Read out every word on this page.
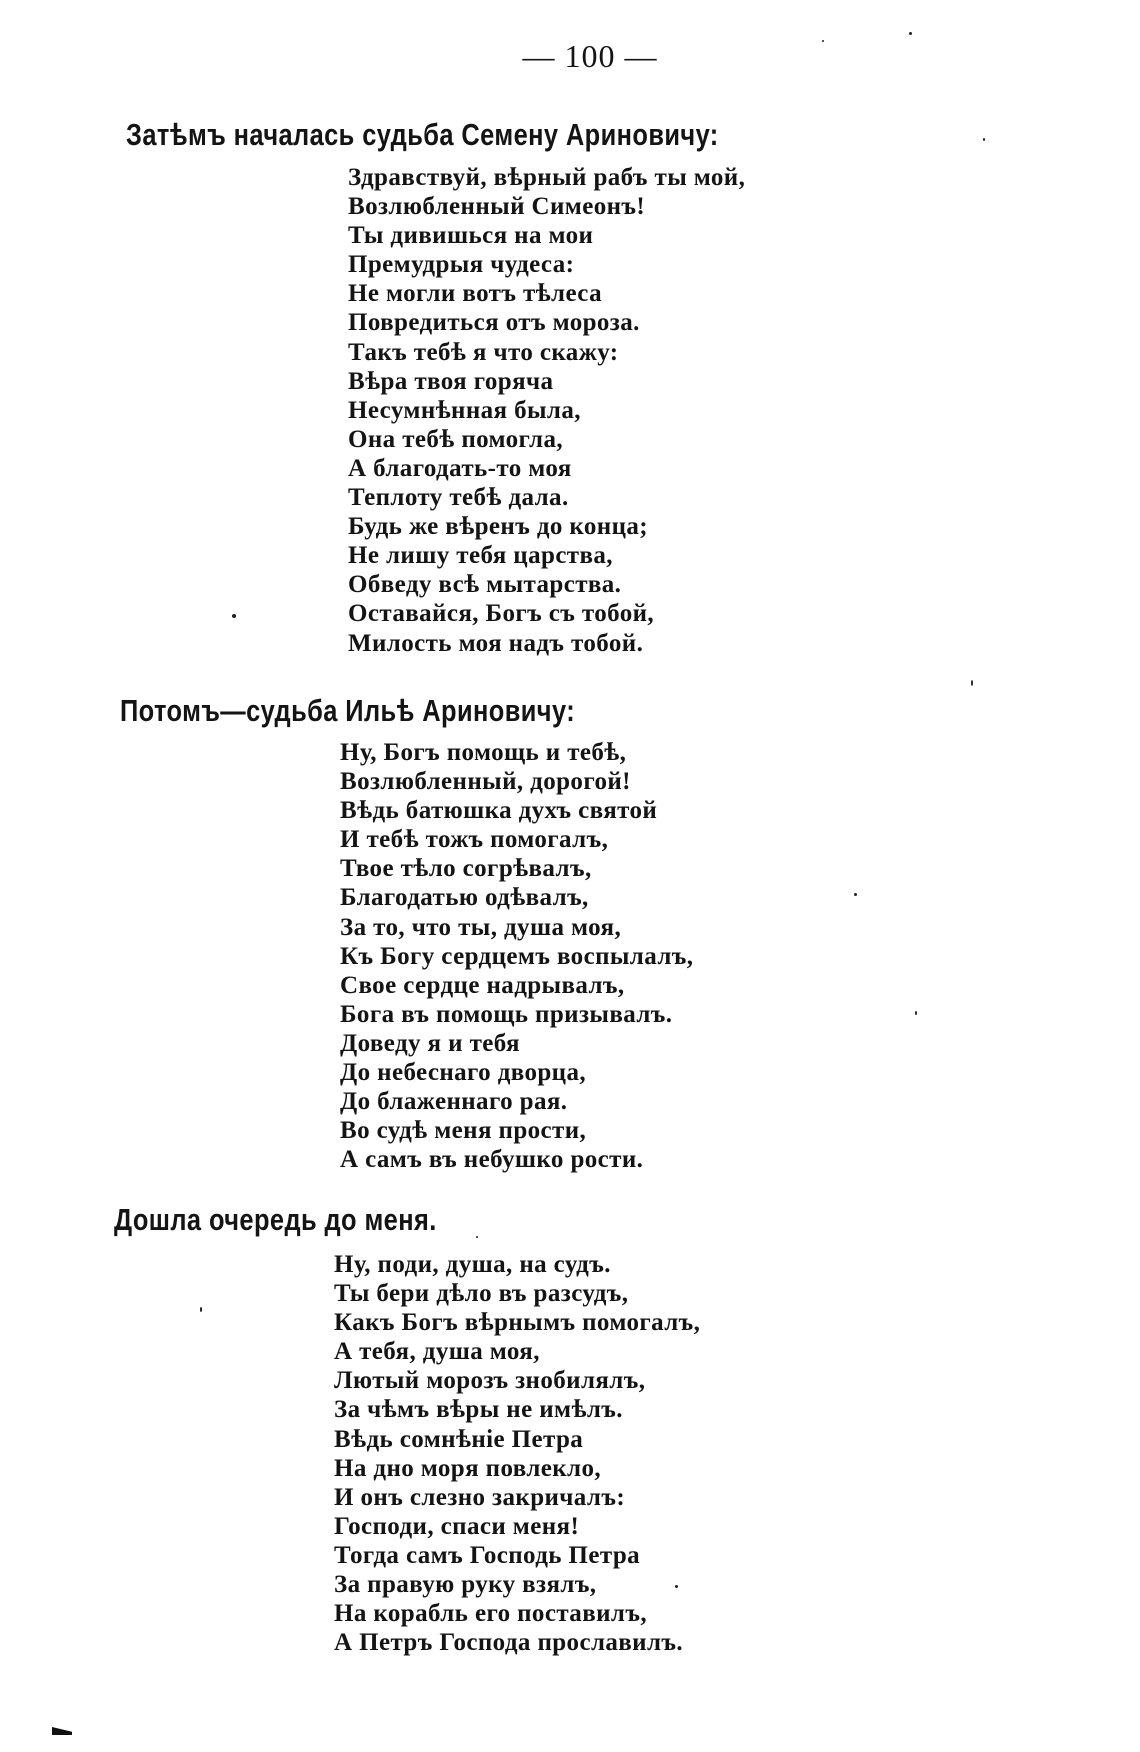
— 100 —
Затѣмъ началась судьба Семену Ариновичу:
Здравствуй, вѣрный рабъ ты мой,
Возлюбленный Симеонъ!
Ты дивишься на мои
Премудрыя чудеса:
Не могли вотъ тѣлеса
Повредиться отъ мороза.
Такъ тебѣ я что скажу:
Вѣра твоя горяча
Несумнѣнная была,
Она тебѣ помогла,
А благодать-то моя
Теплоту тебѣ дала.
Будь же вѣренъ до конца;
Не лишу тебя царства,
Обведу всѣ мытарства.
Оставайся, Богъ съ тобой,
Милость моя надъ тобой.
Потомъ—судьба Ильѣ Ариновичу:
Ну, Богъ помощь и тебѣ,
Возлюбленный, дорогой!
Вѣдь батюшка духъ святой
И тебѣ тожъ помогалъ,
Твое тѣло согрѣвалъ,
Благодатью одѣвалъ,
За то, что ты, душа моя,
Къ Богу сердцемъ воспылалъ,
Свое сердце надрывалъ,
Бога въ помощь призывалъ.
Доведу я и тебя
До небеснаго дворца,
До блаженнаго рая.
Во судѣ меня прости,
А самъ въ небушко рости.
Дошла очередь до меня.
Ну, поди, душа, на судъ.
Ты бери дѣло въ разсудъ,
Какъ Богъ вѣрнымъ помогалъ,
А тебя, душа моя,
Лютый морозъ знобилялъ,
За чѣмъ вѣры не имѣлъ.
Вѣдь сомнѣніе Петра
На дно моря повлекло,
И онъ слезно закричалъ:
Господи, спаси меня!
Тогда самъ Господь Петра
За правую руку взялъ,
На корабль его поставилъ,
А Петръ Господа прославилъ.
